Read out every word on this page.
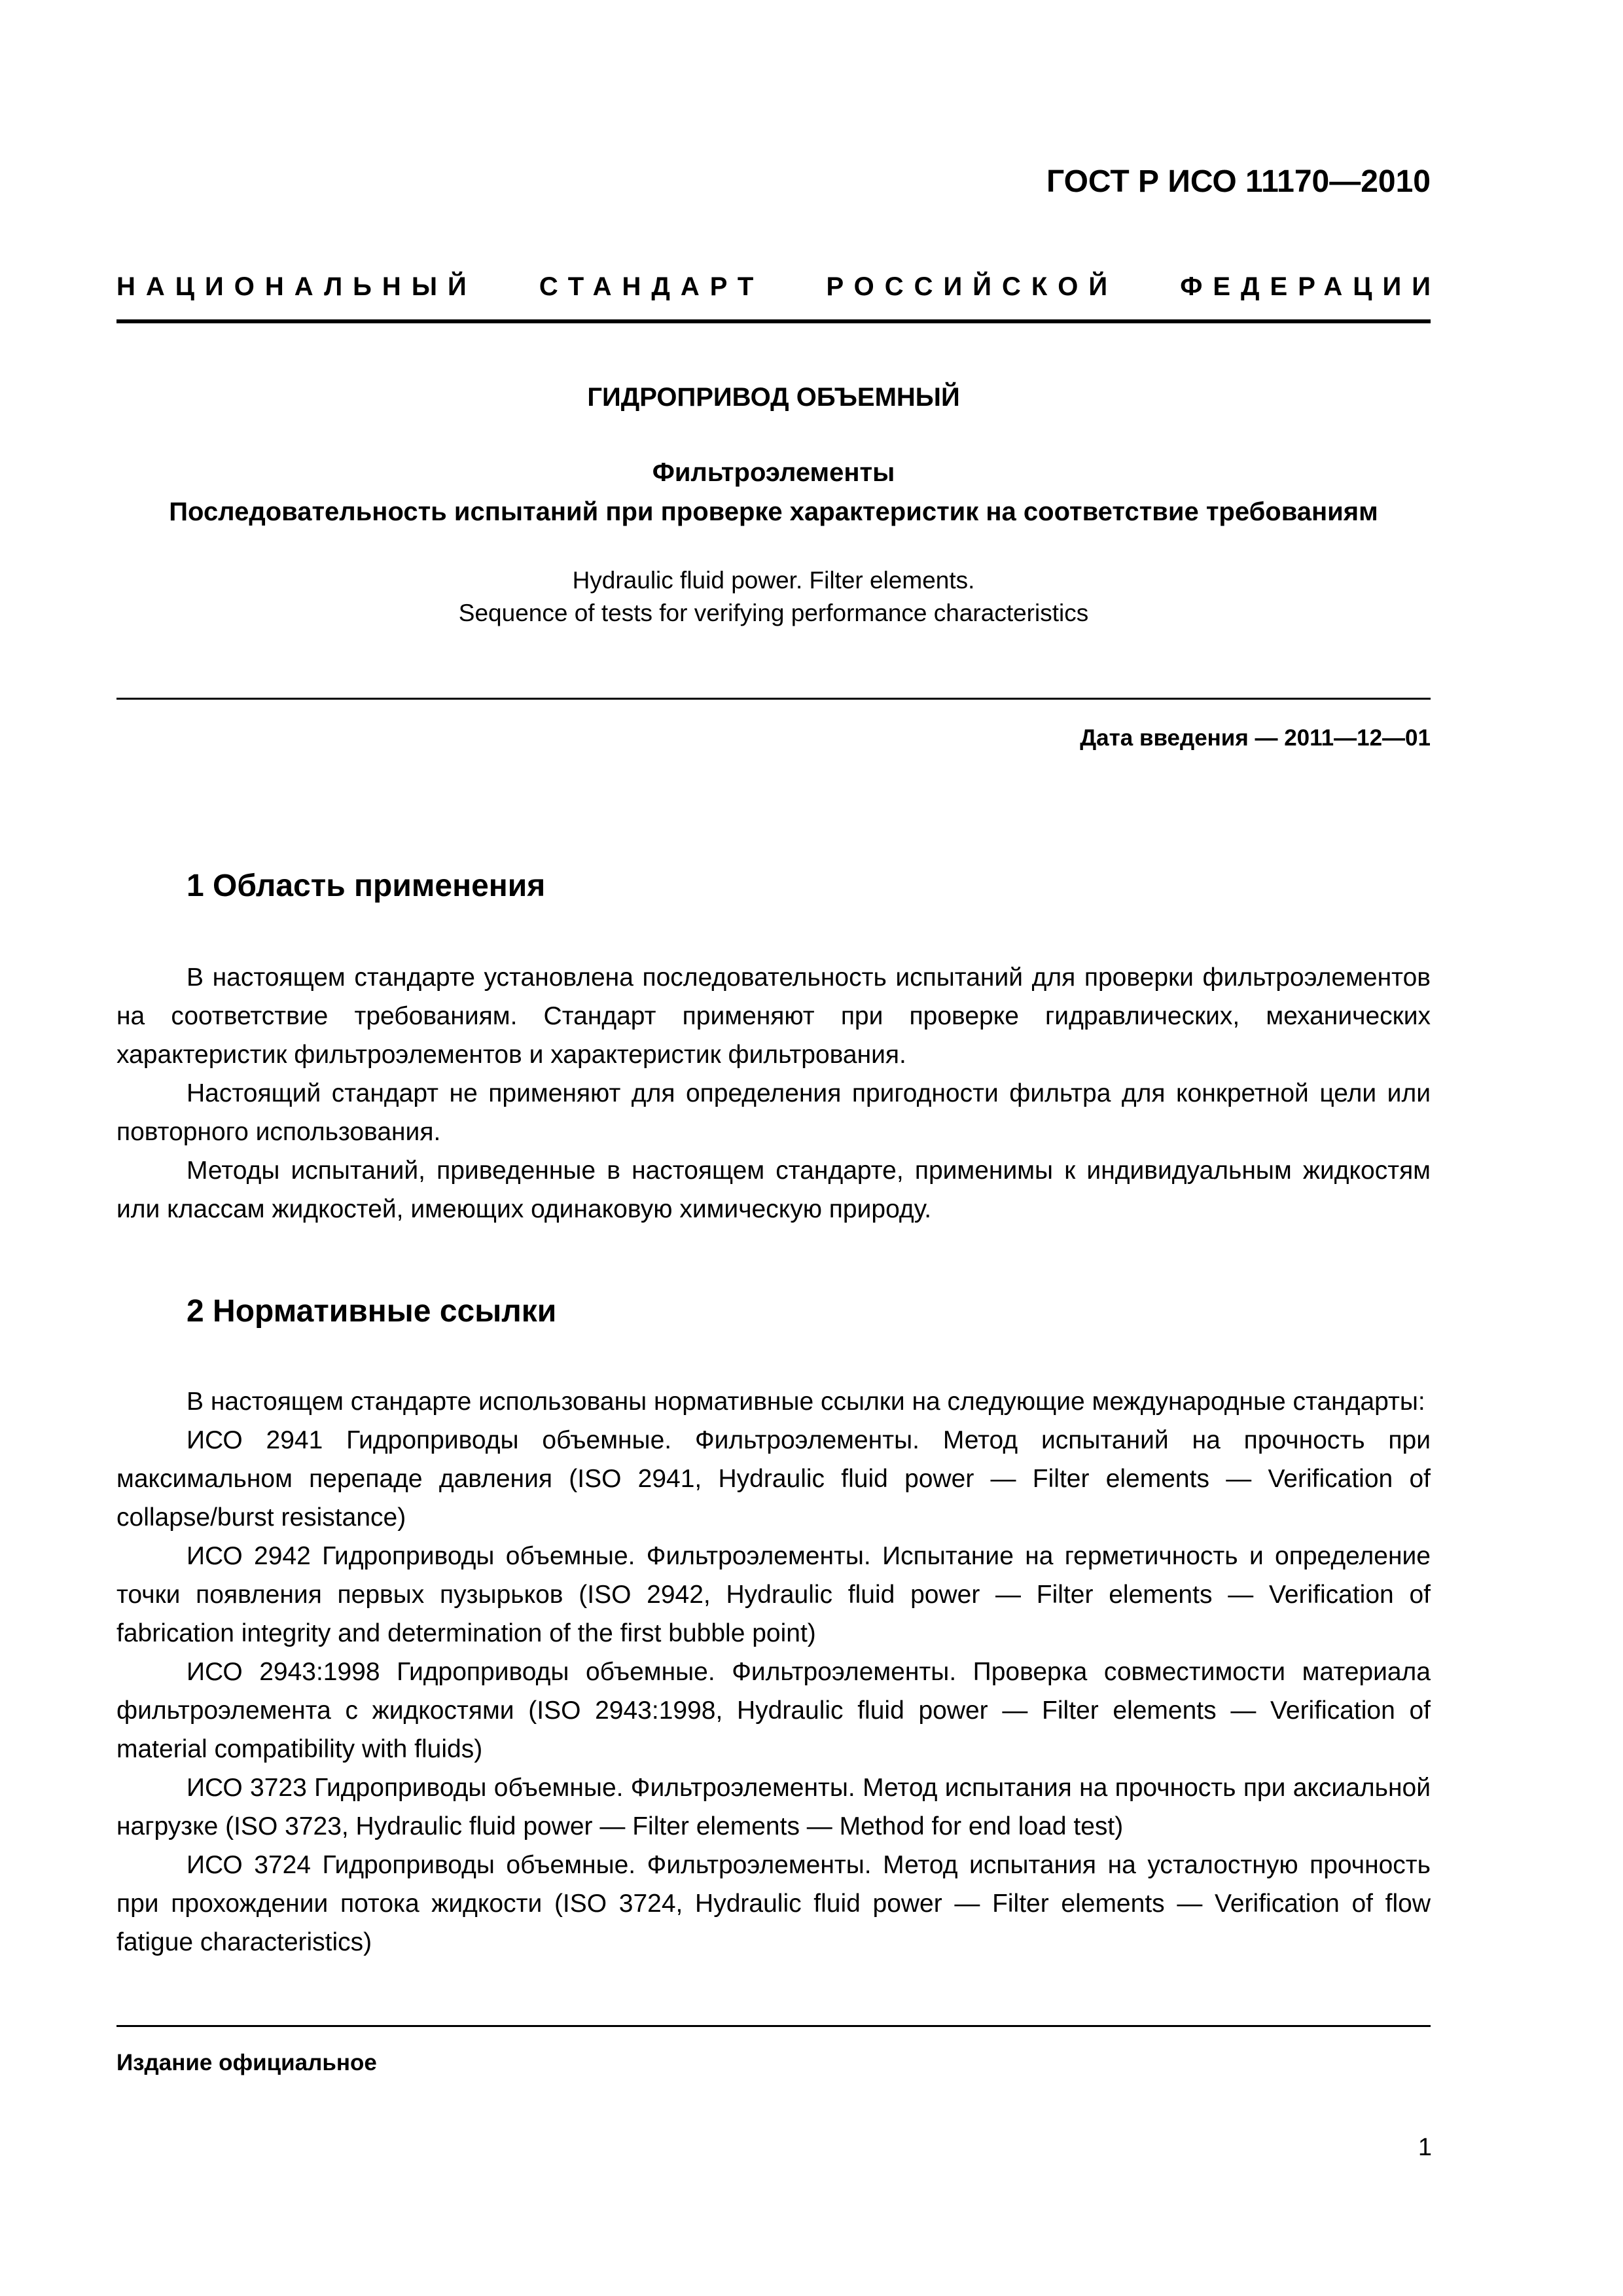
ГОСТ Р ИСО 11170—2010
НАЦИОНАЛЬНЫЙ СТАНДАРТ РОССИЙСКОЙ ФЕДЕРАЦИИ
ГИДРОПРИВОД ОБЪЕМНЫЙ
Фильтроэлементы
Последовательность испытаний при проверке характеристик на соответствие требованиям
Hydraulic fluid power. Filter elements.
Sequence of tests for verifying performance characteristics
Дата введения — 2011—12—01
1 Область применения

В настоящем стандарте установлена последовательность испытаний для проверки фильтроэлементов на соответствие требованиям. Стандарт применяют при проверке гидравлических, механических характеристик фильтроэлементов и характеристик фильтрования.

Настоящий стандарт не применяют для определения пригодности фильтра для конкретной цели или повторного использования.

Методы испытаний, приведенные в настоящем стандарте, применимы к индивидуальным жидкостям или классам жидкостей, имеющих одинаковую химическую природу.

2 Нормативные ссылки

В настоящем стандарте использованы нормативные ссылки на следующие международные стандарты:

ИСО 2941 Гидроприводы объемные. Фильтроэлементы. Метод испытаний на прочность при максимальном перепаде давления (ISO 2941, Hydraulic fluid power — Filter elements — Verification of collapse/burst resistance)

ИСО 2942 Гидроприводы объемные. Фильтроэлементы. Испытание на герметичность и определение точки появления первых пузырьков (ISO 2942, Hydraulic fluid power — Filter elements — Verification of fabrication integrity and determination of the first bubble point)

ИСО 2943:1998 Гидроприводы объемные. Фильтроэлементы. Проверка совместимости материала фильтроэлемента с жидкостями (ISO 2943:1998, Hydraulic fluid power — Filter elements — Verification of material compatibility with fluids)

ИСО 3723 Гидроприводы объемные. Фильтроэлементы. Метод испытания на прочность при аксиальной нагрузке (ISO 3723, Hydraulic fluid power — Filter elements — Method for end load test)

ИСО 3724 Гидроприводы объемные. Фильтроэлементы. Метод испытания на усталостную прочность при прохождении потока жидкости (ISO 3724, Hydraulic fluid power — Filter elements — Verification of flow fatigue characteristics)

Издание официальное
1
